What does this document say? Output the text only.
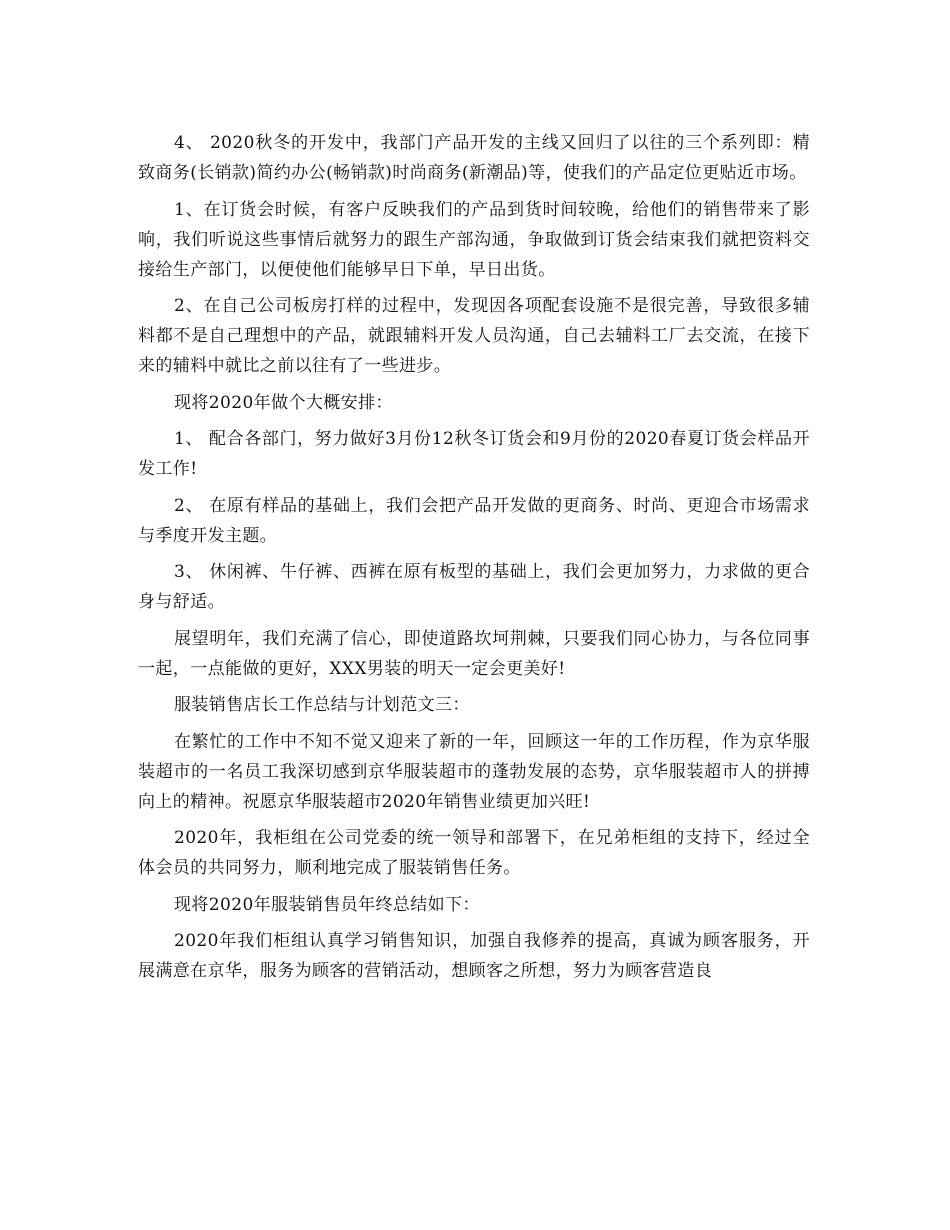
4、 2020秋冬的开发中，我部门产品开发的主线又回归了以往的三个系列即：精致商务(长销款)简约办公(畅销款)时尚商务(新潮品)等，使我们的产品定位更贴近市场。

1、在订货会时候，有客户反映我们的产品到货时间较晚，给他们的销售带来了影响，我们听说这些事情后就努力的跟生产部沟通，争取做到订货会结束我们就把资料交接给生产部门，以便使他们能够早日下单，早日出货。

2、在自己公司板房打样的过程中，发现因各项配套设施不是很完善，导致很多辅料都不是自己理想中的产品，就跟辅料开发人员沟通，自己去辅料工厂去交流，在接下来的辅料中就比之前以往有了一些进步。

现将2020年做个大概安排：

1、 配合各部门，努力做好3月份12秋冬订货会和9月份的2020春夏订货会样品开发工作!

2、 在原有样品的基础上，我们会把产品开发做的更商务、时尚、更迎合市场需求与季度开发主题。

3、 休闲裤、牛仔裤、西裤在原有板型的基础上，我们会更加努力，力求做的更合身与舒适。

展望明年，我们充满了信心，即使道路坎坷荆棘，只要我们同心协力，与各位同事一起，一点能做的更好，XXX男装的明天一定会更美好!

服装销售店长工作总结与计划范文三：

在繁忙的工作中不知不觉又迎来了新的一年，回顾这一年的工作历程，作为京华服装超市的一名员工我深切感到京华服装超市的蓬勃发展的态势，京华服装超市人的拼搏向上的精神。祝愿京华服装超市2020年销售业绩更加兴旺!

2020年，我柜组在公司党委的统一领导和部署下，在兄弟柜组的支持下，经过全体会员的共同努力，顺利地完成了服装销售任务。

现将2020年服装销售员年终总结如下：

2020年我们柜组认真学习销售知识，加强自我修养的提高，真诚为顾客服务，开展满意在京华，服务为顾客的营销活动，想顾客之所想，努力为顾客营造良
